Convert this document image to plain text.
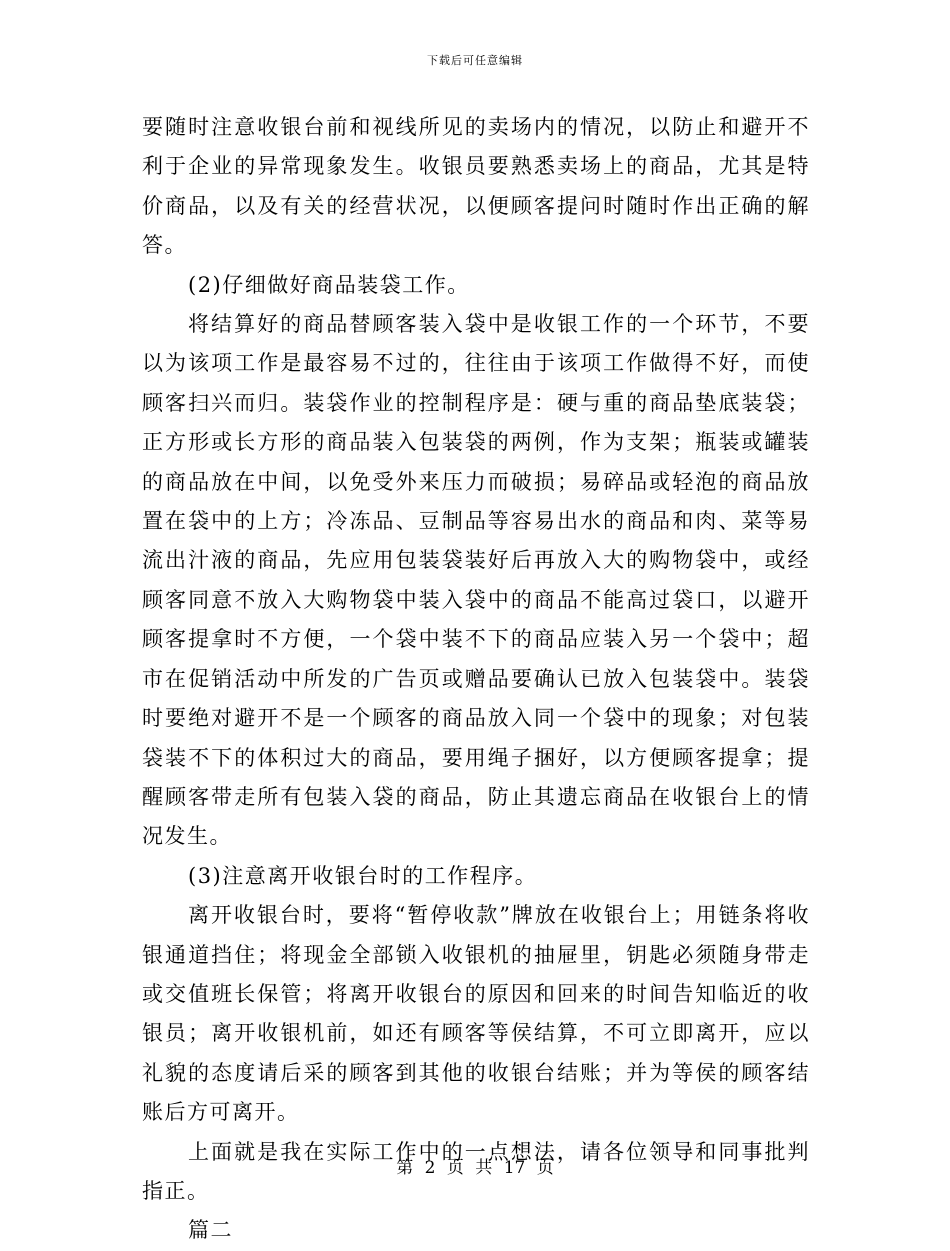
下载后可任意编辑

要随时注意收银台前和视线所见的卖场内的情况，以防止和避开不利于企业的异常现象发生。收银员要熟悉卖场上的商品，尤其是特价商品，以及有关的经营状况，以便顾客提问时随时作出正确的解答。

(2)仔细做好商品装袋工作。

将结算好的商品替顾客装入袋中是收银工作的一个环节，不要以为该项工作是最容易不过的，往往由于该项工作做得不好，而使顾客扫兴而归。装袋作业的控制程序是：硬与重的商品垫底装袋；正方形或长方形的商品装入包装袋的两例，作为支架；瓶装或罐装的商品放在中间，以免受外来压力而破损；易碎品或轻泡的商品放置在袋中的上方；冷冻品、豆制品等容易出水的商品和肉、菜等易流出汁液的商品，先应用包装袋装好后再放入大的购物袋中，或经顾客同意不放入大购物袋中装入袋中的商品不能高过袋口，以避开顾客提拿时不方便，一个袋中装不下的商品应装入另一个袋中；超市在促销活动中所发的广告页或赠品要确认已放入包装袋中。装袋时要绝对避开不是一个顾客的商品放入同一个袋中的现象；对包装袋装不下的体积过大的商品，要用绳子捆好，以方便顾客提拿；提醒顾客带走所有包装入袋的商品，防止其遗忘商品在收银台上的情况发生。

(3)注意离开收银台时的工作程序。

离开收银台时，要将“暂停收款”牌放在收银台上；用链条将收银通道挡住；将现金全部锁入收银机的抽屉里，钥匙必须随身带走或交值班长保管；将离开收银台的原因和回来的时间告知临近的收银员；离开收银机前，如还有顾客等侯结算，不可立即离开，应以礼貌的态度请后采的顾客到其他的收银台结账；并为等侯的顾客结账后方可离开。

上面就是我在实际工作中的一点想法，请各位领导和同事批判指正。

篇二

第 2 页 共 17 页
